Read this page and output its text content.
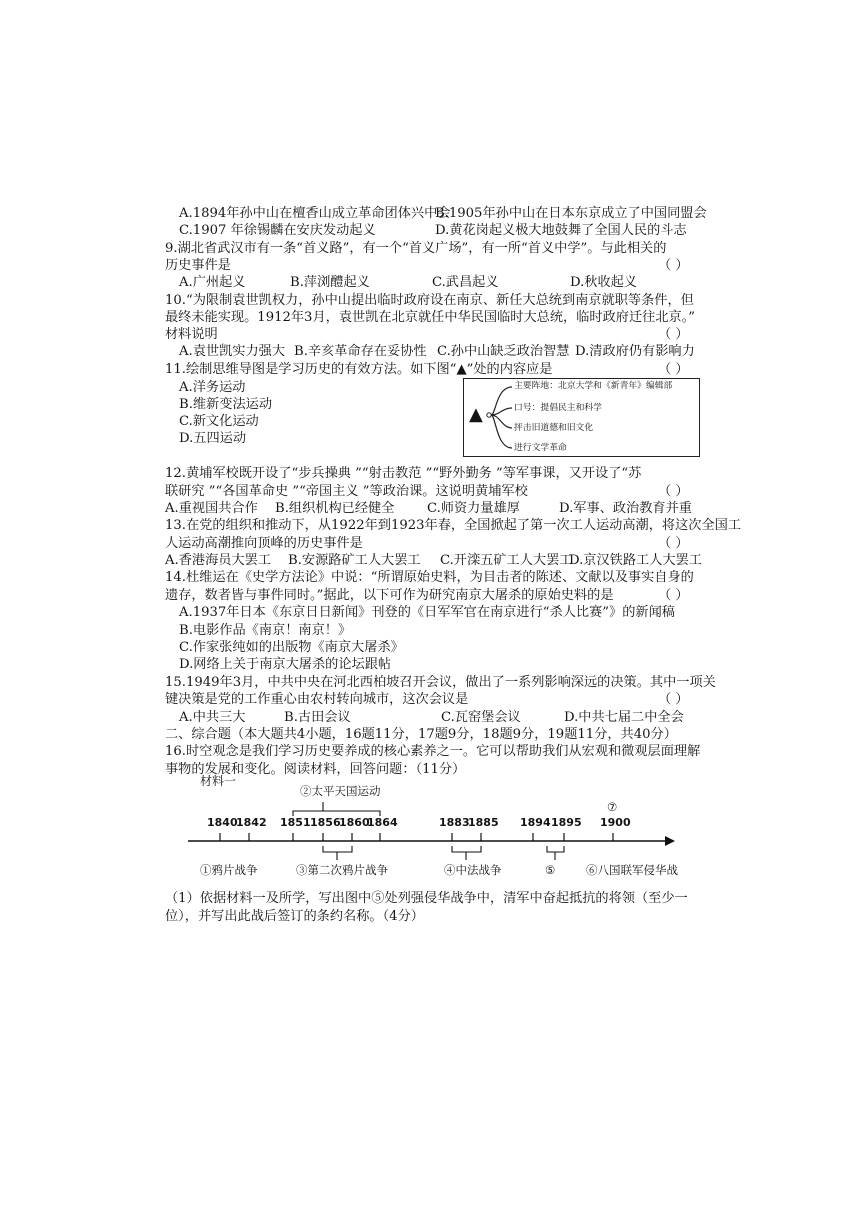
A.1894年孙中山在檀香山成立革命团体兴中会
B.1905年孙中山在日本东京成立了中国同盟会
C.1907 年徐锡麟在安庆发动起义	D.黄花岗起义极大地鼓舞了全国人民的斗志
9.湖北省武汉市有一条“首义路”，有一个“首义广场”，有一所“首义中学”。与此相关的
历史事件是
10.“为限制袁世凯权力，孙中山提出临时政府设在南京、新任大总统到南京就职等条件，但
最终未能实现。1912年3月，袁世凯在北京就任中华民国临时大总统，临时政府迁往北京。”
材料说明
11.绘制思维导图是学习历史的有效方法。如下图“▲”处的内容应是
12.黄埔军校既开设了“步兵操典 ”“射击教范 ”“野外勤务 ”等军事课，又开设了“苏
联研究 ”“各国革命史 ”“帝国主义 ”等政治课。这说明黄埔军校
13.在党的组织和推动下，从1922年到1923年春，全国掀起了第一次工人运动高潮，将这次全国工
人运动高潮推向顶峰的历史事件是
14.杜维运在《史学方法论》中说：“所谓原始史料，为目击者的陈述、文献以及事实自身的
遗存，数者皆与事件同时。”据此，以下可作为研究南京大屠杀的原始史料的是
15.1949年3月，中共中央在河北西柏坡召开会议，做出了一系列影响深远的决策。其中一项关
键决策是党的工作重心由农村转向城市，这次会议是
二、综合题（本大题共4小题，16题11分，17题9分，18题9分，19题11分，共40分）
16.时空观念是我们学习历史要养成的核心素养之一。它可以帮助我们从宏观和微观层面理解
事物的发展和变化。阅读材料，回答问题：（11分）
（1）依据材料一及所学，写出图中⑤处列强侵华战争中，清军中奋起抵抗的将领（至少一
位），并写出此战后签订的条约名称。（4分）
A.广州起义	B.萍浏醴起义	C.武昌起义	D.秋收起义
A.袁世凯实力强大 B.辛亥革命存在妥协性 C.孙中山缺乏政治智慧 D.清政府仍有影响力
A.洋务运动
B.维新变法运动
C.新文化运动
D.五四运动
A.重视国共合作 B.组织机构已经健全 C.师资力量雄厚	D.军事、政治教育并重
A.香港海员大罢工 B.安源路矿工人大罢工 C.开滦五矿工人大罢工
D.京汉铁路工人大罢工
A.1937年日本《东京日日新闻》刊登的《日军军官在南京进行“杀人比赛”》的新闻稿
B.电影作品《南京！南京！》
C.作家张纯如的出版物《南京大屠杀》
D.网络上关于南京大屠杀的论坛跟帖
A.中共三大	B.古田会议	C.瓦窑堡会议	D.中共七届二中全会
（ ）
（ ）
（ ）
（ ）
（ ）
（ ）
（ ）
▲
主要阵地：北京大学和《新青年》编辑部
口号：提倡民主和科学
抨击旧道德和旧文化
进行文学革命
材料一
1840
1842 1851 1856
1860
1864	1883
1885 1894 1895 1900
①鸦片战争
②太平天国运动
③第二次鸦片战争	④中法战争	⑤	⑥八国联军侵华战
⑦
